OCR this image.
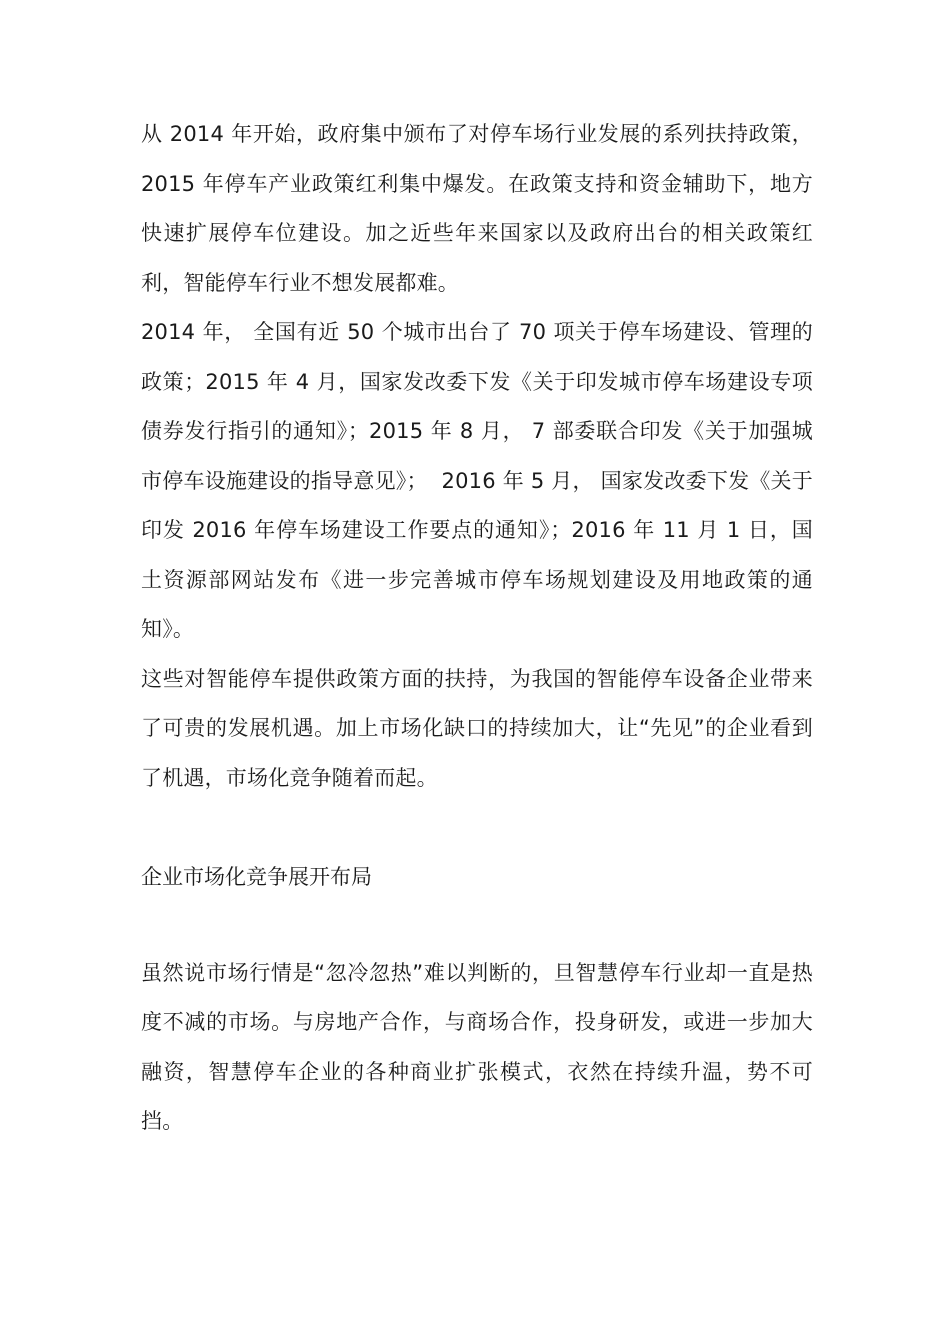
从 2014 年开始，政府集中颁布了对停车场行业发展的系列扶持政策，2015 年停车产业政策红利集中爆发。在政策支持和资金辅助下，地方快速扩展停车位建设。加之近些年来国家以及政府出台的相关政策红利，智能停车行业不想发展都难。

2014 年， 全国有近 50 个城市出台了 70 项关于停车场建设、管理的政策；2015 年 4 月，国家发改委下发《关于印发城市停车场建设专项债券发行指引的通知》；2015 年 8 月， 7 部委联合印发《关于加强城市停车设施建设的指导意见》；  2016 年 5 月， 国家发改委下发《关于印发 2016 年停车场建设工作要点的通知》；2016 年 11 月 1 日，国土资源部网站发布《进一步完善城市停车场规划建设及用地政策的通知》。

这些对智能停车提供政策方面的扶持，为我国的智能停车设备企业带来了可贵的发展机遇。加上市场化缺口的持续加大，让“先见”的企业看到了机遇，市场化竞争随着而起。

企业市场化竞争展开布局

虽然说市场行情是“忽冷忽热”难以判断的，旦智慧停车行业却一直是热度不减的市场。与房地产合作，与商场合作，投身研发，或进一步加大融资，智慧停车企业的各种商业扩张模式，衣然在持续升温，势不可挡。
